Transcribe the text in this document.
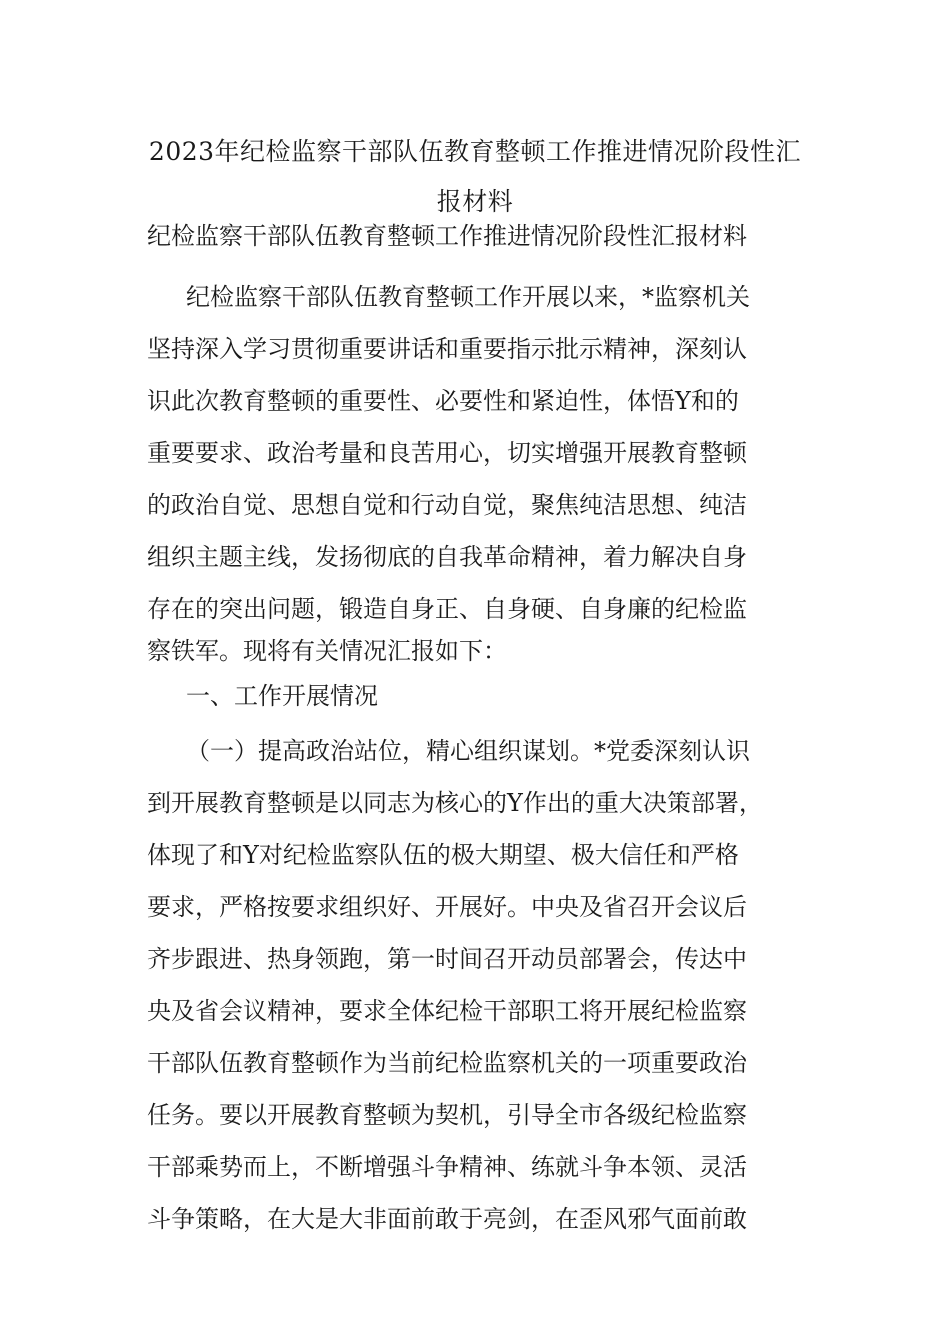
2023年纪检监察干部队伍教育整顿工作推进情况阶段性汇
报材料

纪检监察干部队伍教育整顿工作推进情况阶段性汇报材料

纪检监察干部队伍教育整顿工作开展以来，*监察机关

坚持深入学习贯彻重要讲话和重要指示批示精神，深刻认

识此次教育整顿的重要性、必要性和紧迫性，体悟Y和的

重要要求、政治考量和良苦用心，切实增强开展教育整顿

的政治自觉、思想自觉和行动自觉，聚焦纯洁思想、纯洁

组织主题主线，发扬彻底的自我革命精神，着力解决自身

存在的突出问题，锻造自身正、自身硬、自身廉的纪检监

察铁军。现将有关情况汇报如下：

一、工作开展情况

（一）提高政治站位，精心组织谋划。*党委深刻认识

到开展教育整顿是以同志为核心的Y作出的重大决策部署，

体现了和Y对纪检监察队伍的极大期望、极大信任和严格

要求，严格按要求组织好、开展好。中央及省召开会议后

齐步跟进、热身领跑，第一时间召开动员部署会，传达中

央及省会议精神，要求全体纪检干部职工将开展纪检监察

干部队伍教育整顿作为当前纪检监察机关的一项重要政治

任务。要以开展教育整顿为契机，引导全市各级纪检监察

干部乘势而上，不断增强斗争精神、练就斗争本领、灵活

斗争策略，在大是大非面前敢于亮剑，在歪风邪气面前敢
